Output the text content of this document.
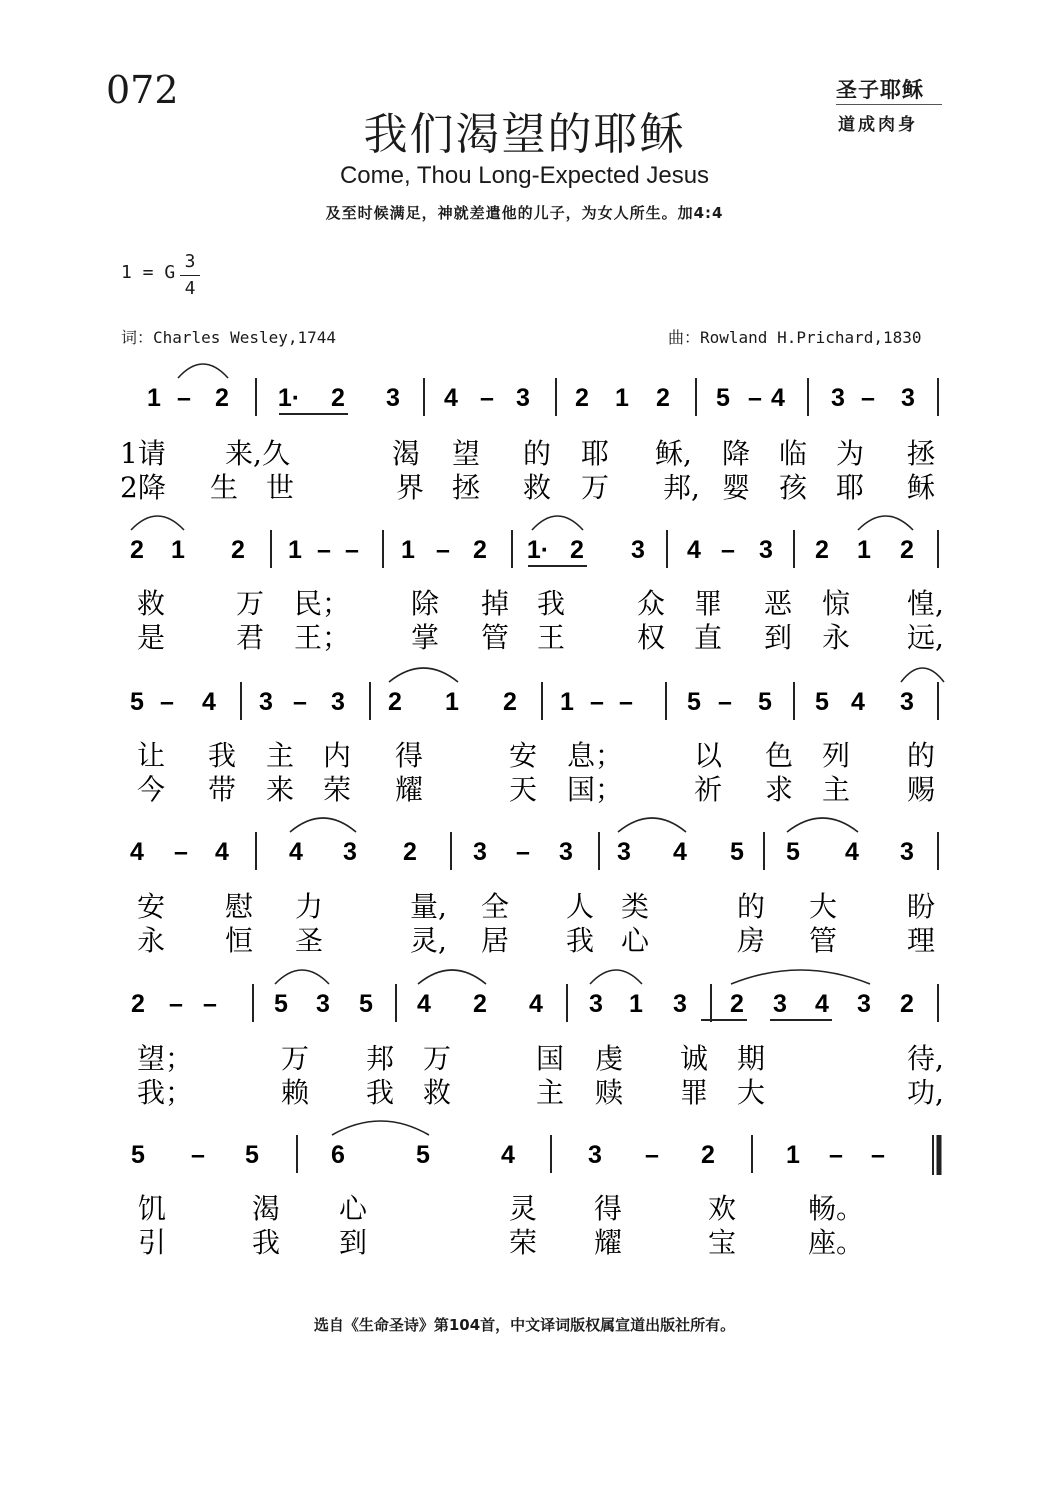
072	圣子耶稣
道成肉身
我们渴望的耶稣
Come, Thou Long-Expected Jesus
及至时候满足，神就差遣他的儿子，为女人所生。加4:4
1 = G
3
4
词：Charles Wesley,1744	曲：Rowland H.Prichard,1830
1 – 2 1· 2 3 4 – 3 2 1 2 5 – 4 3 – 3
1请 来, 久	渴 望 的 耶 稣, 降 临 为 拯
2降 生 世	界 拯 救 万 邦, 婴 孩 耶 稣
2 1 2 1 – – 1 – 2 1· 2 3 4 – 3 2 1 2
救	万 民； 除 掉 我	众 罪 恶 惊 惶,
是	君 王； 掌 管 王	权 直 到 永 远,
5 – 4 3 – 3 2 1 2 1 – – 5 – 5 5 4 3
让 我 主 内 得	安 息；	以 色 列 的
今 带 来 荣 耀	天 国；	祈 求 主 赐
4 – 4 4 3 2 3 – 3 3 4 5 5 4 3
安 慰 力	量, 全 人 类	的 大 盼
永 恒 圣	灵, 居 我 心	房 管 理
2 – – 5 3 5 4 2 4 3 1 3 2 3 4 3 2
望；	万 邦 万	国 虔 诚 期	待,
我；	赖 我 救	主 赎 罪 大	功,
5 – 5	6	5	4	3 – 2	1 – –
饥	渴 心	灵 得	欢	畅。
引	我 到	荣 耀	宝	座。
选自《生命圣诗》第104首，中文译词版权属宣道出版社所有。
